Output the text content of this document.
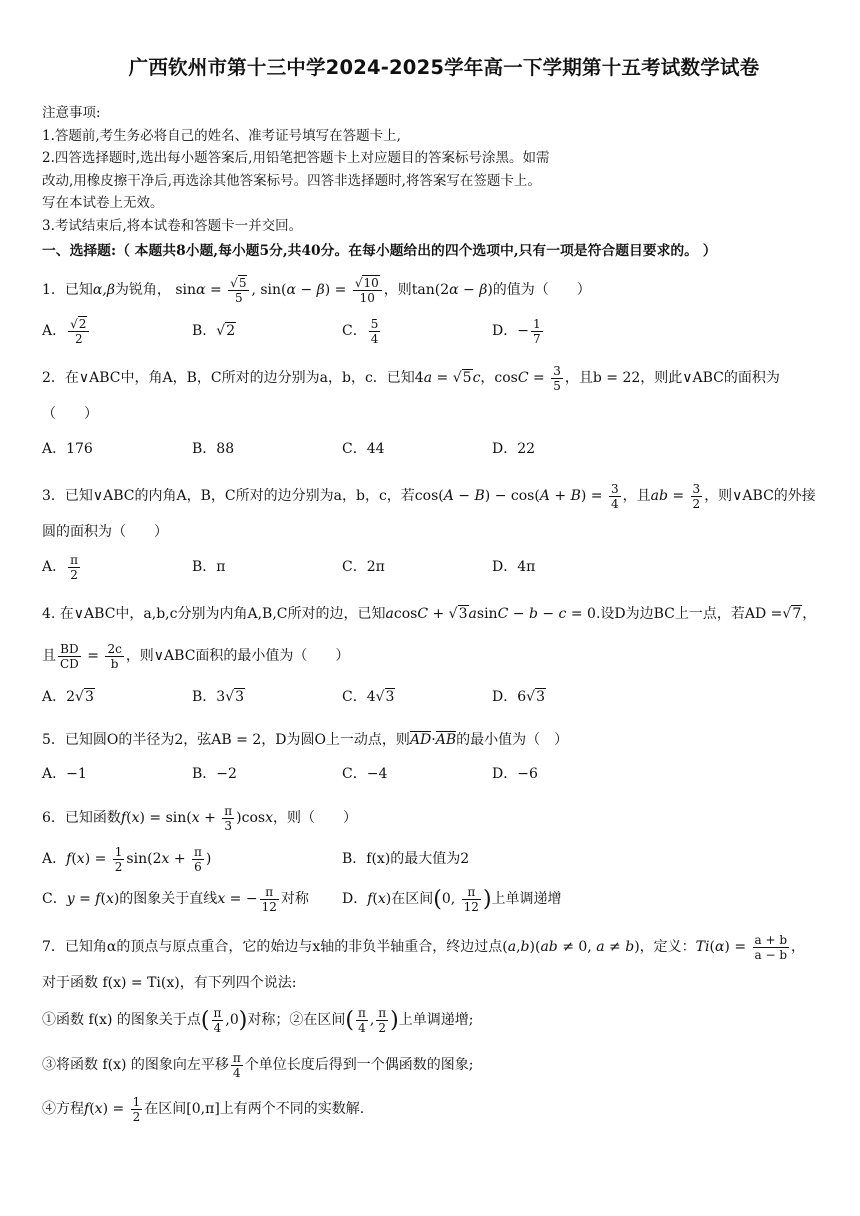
广西钦州市第十三中学2024-2025学年高一下学期第十五考试数学试卷
注意事项:
1.答题前,考生务必将自己的姓名、准考证号填写在答题卡上,
2.四答选择题时,选出每小题答案后,用铅笔把答题卡上对应题目的答案标号涂黑。如需
改动,用橡皮擦干净后,再选涂其他答案标号。四答非选择题时,将答案写在签题卡上。
写在本试卷上无效。
3.考试结束后,将本试卷和答题卡一并交回。
一、选择题:（ 本题共8小题,每小题5分,共40分。在每小题给出的四个选项中,只有一项是符合题目要求的。 ）
1．已知α,β为锐角， $\sin\alpha = \frac{√5}{5}$ , $\sin(\alpha - \beta) = \frac{√10}{10}$ ，则tan(2α − β)的值为（　　）
A． $\frac{√2}{2}$	B．√2	C． $\frac{5}{4}$	D．− $\frac{1}{7}$
2．在∨ABC中，角A，B，C所对的边分别为a，b，c．已知4a = √5c，$\cos C = \frac{3}{5}$ ，且b = 22，则此∨ABC的面积为
（　　）
A．176	B．88	C．44	D．22
3．已知∨ABC的内角A，B，C所对的边分别为a，b，c，若$\cos(A - B) - \cos(A + B) = \frac{3}{4}$ ，且ab = $\frac{3}{2}$ ，则∨ABC的外接
圆的面积为（　　）
A． $\frac{\pi}{2}$	B．π	C．2π	D．4π
4. 在∨ABC中，a,b,c分别为内角A,B,C所对的边，已知acosC + √3asinC − b − c = 0.设D为边BC上一点，若AD =√7，
且 $\frac{BD}{CD} = \frac{2c}{b}$ ，则∨ABC面积的最小值为（　　）
A．2√3	B．3√3	C．4√3	D．6√3
5．已知圆O的半径为2，弦AB = 2，D为圆O上一动点，则AD·AB的最小值为（　）
A．−1	B．−2	C．−4	D．−6
6．已知函数$f(x) = \sin(x + \frac{\pi}{3} )\cos x$，则（　　）
A．$f(x) = \frac{1}{2} \sin(2x + \frac{\pi}{6}$ )	B．f(x)的最大值为2
C．y = f(x)的图象关于直线x = − $\frac{\pi}{12}$ 对称	D．f(x)在区间(0, $\frac{\pi}{12}$ )上单调递增
7．已知角α的顶点与原点重合，它的始边与x轴的非负半轴重合，终边过点(a,b)(ab ≠ 0, a ≠ b)，定义：$Ti(\alpha) = \frac{a + b}{a - b}$ ，
对于函数 f(x) = Ti(x)，有下列四个说法:
①函数 f(x) 的图象关于点( $\frac{\pi}{4} ,0$)对称；②在区间( $\frac{\pi}{4}$ , $\frac{\pi}{2}$ )上单调递增;
③将函数 f(x) 的图象向左平移 $\frac{\pi}{4}$ 个单位长度后得到一个偶函数的图象;
④方程$f(x) = \frac{1}{2}$ 在区间[0,π]上有两个不同的实数解.
